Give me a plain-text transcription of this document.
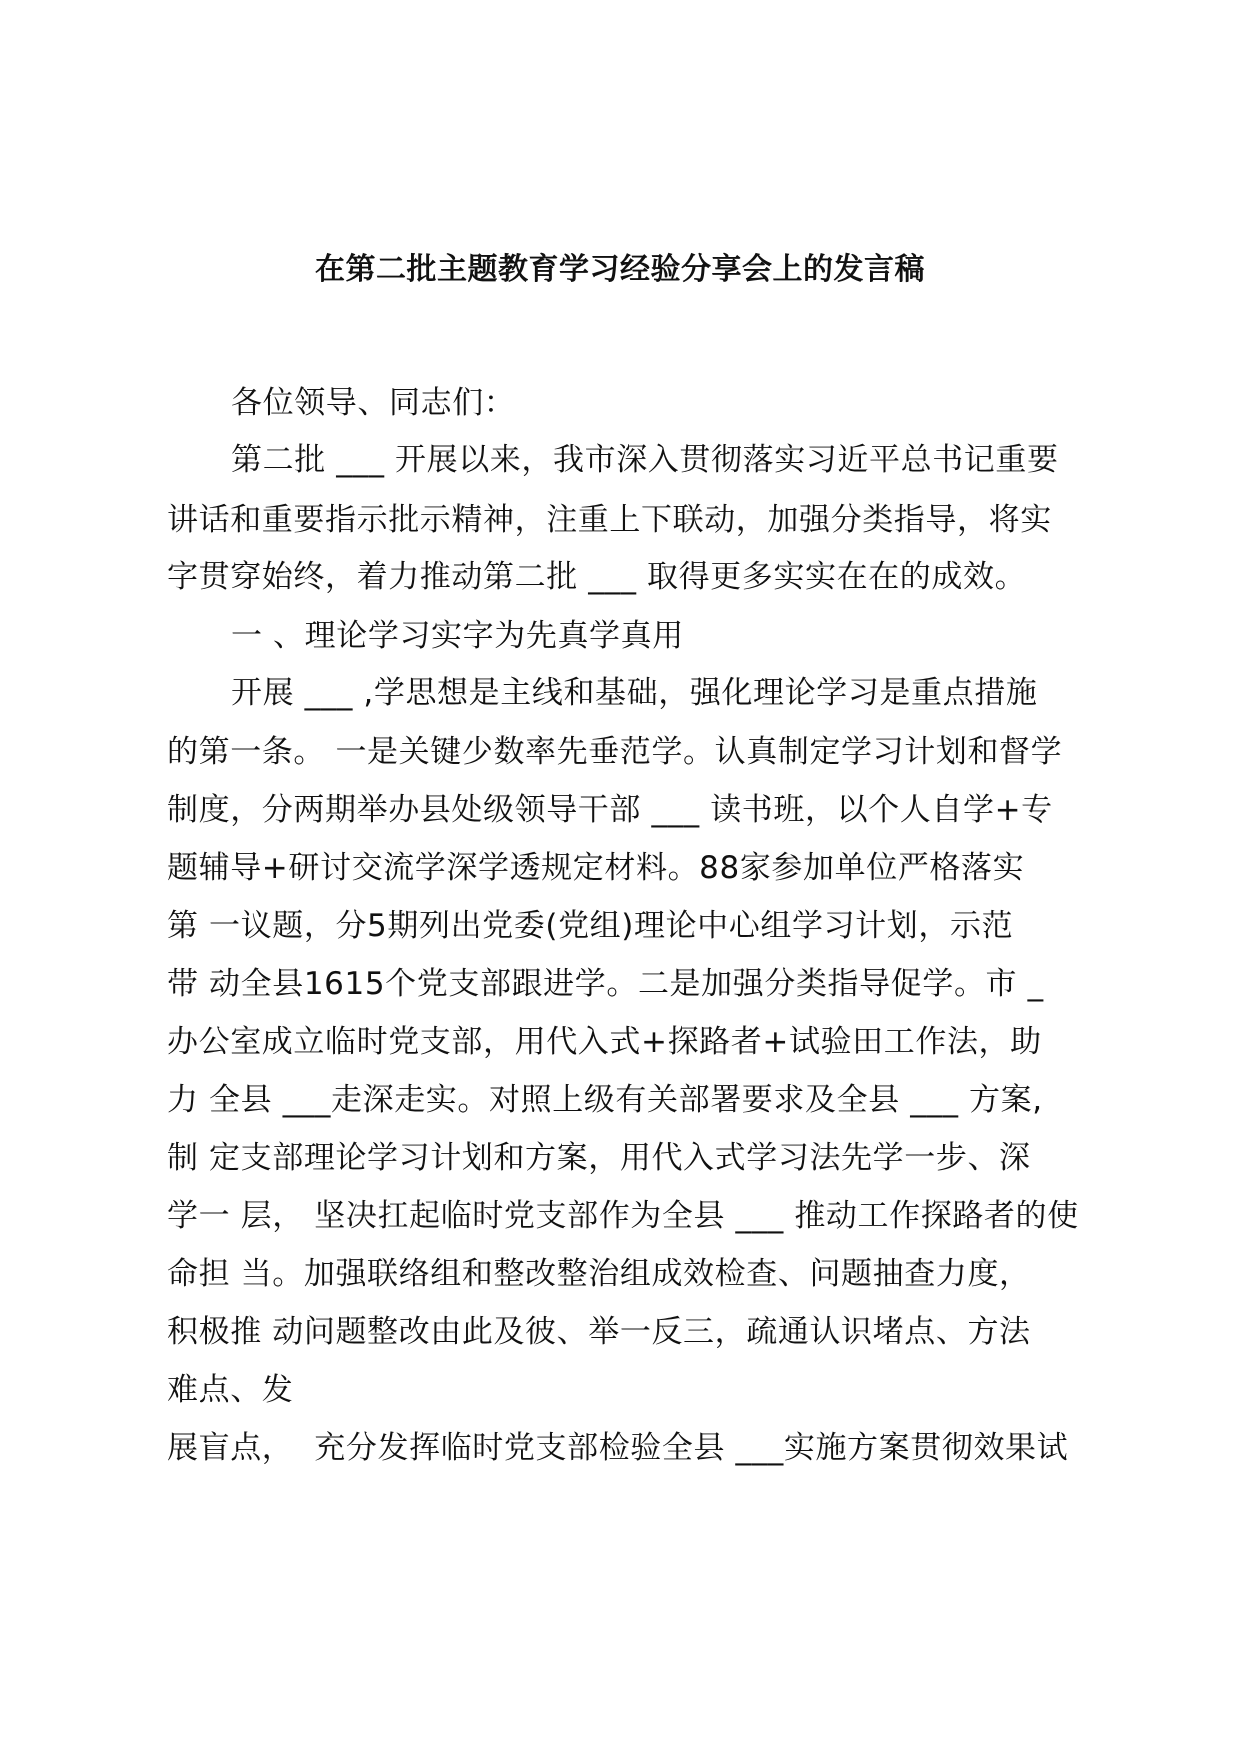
在第二批主题教育学习经验分享会上的发言稿
各位领导、同志们：
第二批 ___ 开展以来，我市深入贯彻落实习近平总书记重要
讲话和重要指示批示精神，注重上下联动，加强分类指导，将实
字贯穿始终，着力推动第二批 ___ 取得更多实实在在的成效。
一 、理论学习实字为先真学真用
开展 ___ ,学思想是主线和基础，强化理论学习是重点措施
的第一条。 一是关键少数率先垂范学。认真制定学习计划和督学
制度，分两期举办县处级领导干部 ___ 读书班，以个人自学+专
题辅导+研讨交流学深学透规定材料。88家参加单位严格落实
第 一议题，分5期列出党委(党组)理论中心组学习计划，示范
带 动全县1615个党支部跟进学。二是加强分类指导促学。市 _
办公室成立临时党支部，用代入式+探路者+试验田工作法，助
力 全县 ___走深走实。对照上级有关部署要求及全县 ___ 方案,
制 定支部理论学习计划和方案，用代入式学习法先学一步、深
学一 层， 坚决扛起临时党支部作为全县 ___ 推动工作探路者的使
命担 当。加强联络组和整改整治组成效检查、问题抽查力度，
积极推 动问题整改由此及彼、举一反三，疏通认识堵点、方法
难点、发
展盲点，  充分发挥临时党支部检验全县 ___实施方案贯彻效果试
